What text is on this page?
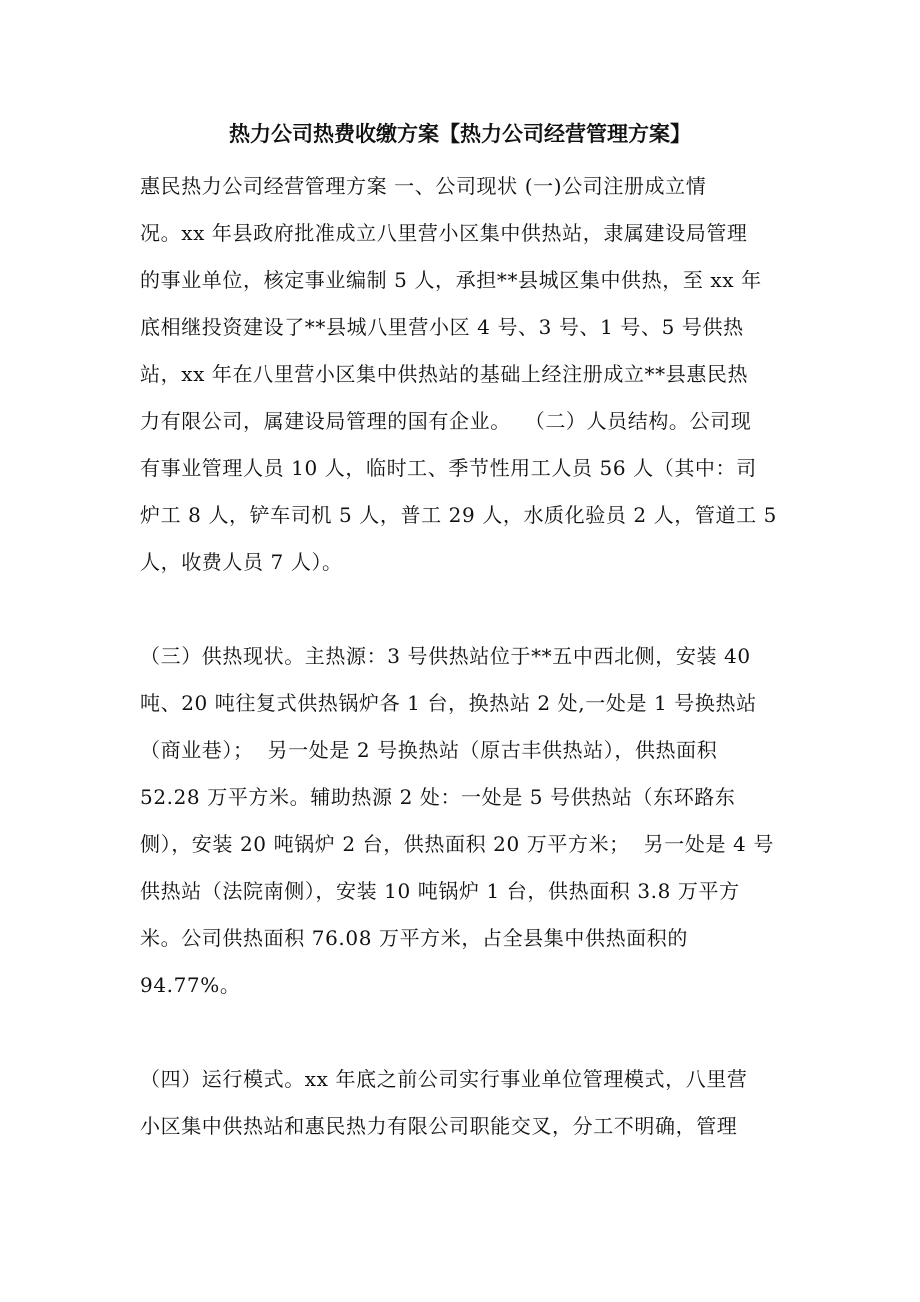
热力公司热费收缴方案【热力公司经营管理方案】
惠民热力公司经营管理方案 一、公司现状 (一)公司注册成立情
况。xx 年县政府批准成立八里营小区集中供热站，隶属建设局管理
的事业单位，核定事业编制 5 人，承担**县城区集中供热，至 xx 年
底相继投资建设了**县城八里营小区 4 号、3 号、1 号、5 号供热
站，xx 年在八里营小区集中供热站的基础上经注册成立**县惠民热
力有限公司，属建设局管理的国有企业。  （二）人员结构。公司现
有事业管理人员 10 人，临时工、季节性用工人员 56 人（其中：司
炉工 8 人，铲车司机 5 人，普工 29 人，水质化验员 2 人，管道工 5
人，收费人员 7 人）。
（三）供热现状。主热源：3 号供热站位于**五中西北侧，安装 40
吨、20 吨往复式供热锅炉各 1 台，换热站 2 处,一处是 1 号换热站
（商业巷）；  另一处是 2 号换热站（原古丰供热站），供热面积
52.28 万平方米。辅助热源 2 处：一处是 5 号供热站（东环路东
侧），安装 20 吨锅炉 2 台，供热面积 20 万平方米；  另一处是 4 号
供热站（法院南侧），安装 10 吨锅炉 1 台，供热面积 3.8 万平方
米。公司供热面积 76.08 万平方米，占全县集中供热面积的
94.77%。
（四）运行模式。xx 年底之前公司实行事业单位管理模式，八里营
小区集中供热站和惠民热力有限公司职能交叉，分工不明确，管理
